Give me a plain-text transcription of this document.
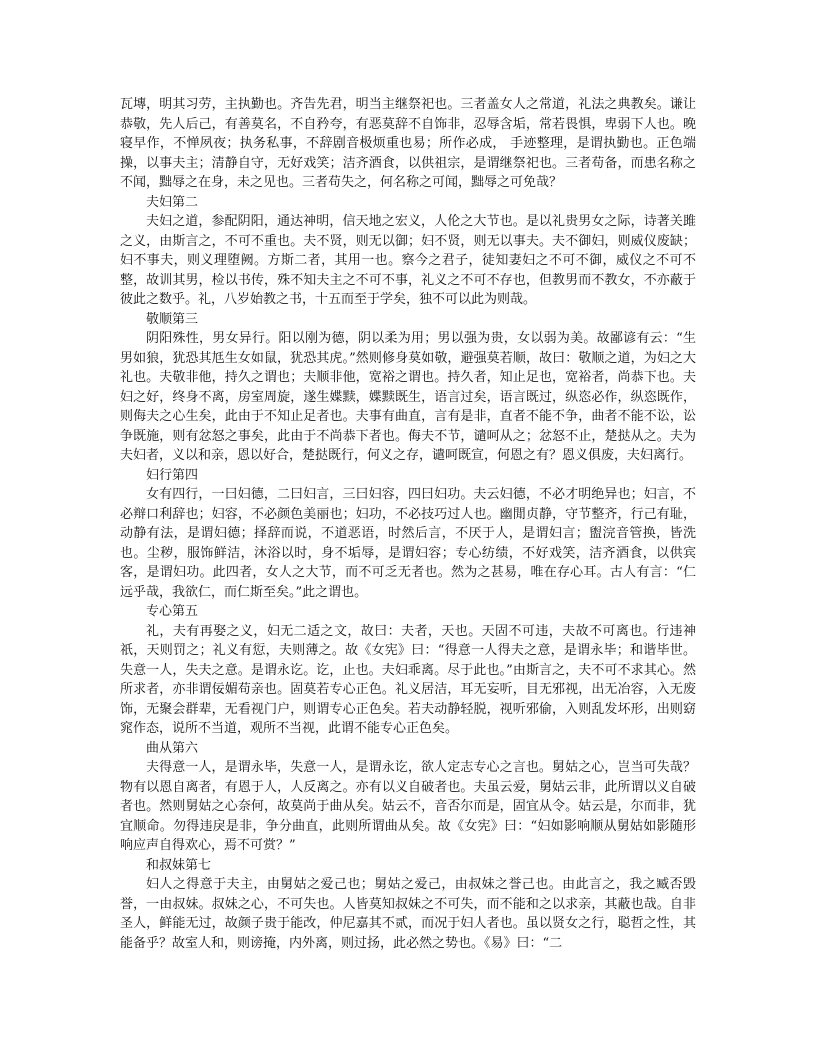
瓦塼，明其习劳，主执勤也。齐告先君，明当主继祭祀也。三者盖女人之常道，礼法之典教矣。谦让恭敬，先人后己，有善莫名，不自矜夸，有恶莫辞不自饰非，忍辱含垢，常若畏惧，卑弱下人也。晚寝早作，不惮夙夜；执务私事，不辞剧音极烦重也易；所作必成， 手迹整理，是谓执勤也。正色端操，以事夫主；清静自守，无好戏笑；洁齐酒食，以供祖宗，是谓继祭祀也。三者苟备，而患名称之不闻，黜辱之在身，未之见也。三者苟失之，何名称之可闻，黜辱之可免哉？

夫妇第二

夫妇之道，参配阴阳，通达神明，信天地之宏义，人伦之大节也。是以礼贵男女之际，诗著关雎之义，由斯言之，不可不重也。夫不贤，则无以御；妇不贤，则无以事夫。夫不御妇，则威仪废缺；妇不事夫，则义理堕阙。方斯二者，其用一也。察今之君子，徒知妻妇之不可不御，威仪之不可不整，故训其男，检以书传，殊不知夫主之不可不事，礼义之不可不存也，但教男而不教女，不亦蔽于彼此之数乎。礼，八岁始教之书，十五而至于学矣，独不可以此为则哉。

敬顺第三

阴阳殊性，男女异行。阳以刚为德，阴以柔为用；男以强为贵，女以弱为美。故鄙谚有云：“生男如狼，犹恐其尪生女如鼠，犹恐其虎。”然则修身莫如敬，避强莫若顺，故曰：敬顺之道，为妇之大礼也。夫敬非他，持久之谓也；夫顺非他，宽裕之谓也。持久者，知止足也，宽裕者，尚恭下也。夫妇之好，终身不离，房室周旋，遂生媟黩，媟黩既生，语言过矣，语言既过，纵恣必作，纵恣既作，则侮夫之心生矣，此由于不知止足者也。夫事有曲直，言有是非，直者不能不争，曲者不能不讼，讼争既施，则有忿怒之事矣，此由于不尚恭下者也。侮夫不节，谴呵从之；忿怒不止，楚挞从之。夫为夫妇者，义以和亲，恩以好合，楚挞既行，何义之存，谴呵既宣，何恩之有？恩义俱废，夫妇离行。

妇行第四

女有四行，一曰妇德，二曰妇言，三曰妇容，四曰妇功。夫云妇德，不必才明绝异也；妇言，不必辩口利辞也；妇容，不必颜色美丽也；妇功，不必技巧过人也。幽閒贞静，守节整齐，行己有耻，动静有法，是谓妇德；择辞而说，不道恶语，时然后言，不厌于人，是谓妇言；盥浣音管换，皆洗也。尘秽，服饰鲜洁，沐浴以时，身不垢辱，是谓妇容；专心纺绩，不好戏笑，洁齐酒食，以供宾客，是谓妇功。此四者，女人之大节，而不可乏无者也。然为之甚易，唯在存心耳。古人有言：“仁远乎哉，我欲仁，而仁斯至矣。”此之谓也。

专心第五

礼，夫有再娶之义，妇无二适之文，故曰：夫者，天也。天固不可违，夫故不可离也。行违神祇，天则罚之；礼义有愆，夫则薄之。故《女宪》曰：“得意一人得夫之意，是谓永毕；和谐毕世。失意一人，失夫之意。是谓永讫。讫，止也。夫妇乖离。尽于此也。”由斯言之，夫不可不求其心。然所求者，亦非谓佞媚苟亲也。固莫若专心正色。礼义居洁，耳无妄听，目无邪视，出无冶容，入无废饰，无聚会群辈，无看视门户，则谓专心正色矣。若夫动静轻脱，视听邪偷，入则乱发坏形，出则窈窕作态，说所不当道，观所不当视，此谓不能专心正色矣。

曲从第六

夫得意一人，是谓永毕，失意一人，是谓永讫，欲人定志专心之言也。舅姑之心，岂当可失哉？物有以恩自离者，有恩于人，人反离之。亦有以义自破者也。夫虽云爱，舅姑云非，此所谓以义自破者也。然则舅姑之心奈何，故莫尚于曲从矣。姑云不，音否尔而是，固宜从令。姑云是，尔而非，犹宜顺命。勿得违戾是非，争分曲直，此则所谓曲从矣。故《女宪》曰：“妇如影响顺从舅姑如影随形响应声自得欢心，焉不可赏？”

和叔妹第七

妇人之得意于夫主，由舅姑之爱己也；舅姑之爱己，由叔妹之誉己也。由此言之，我之臧否毁誉，一由叔妹。叔妹之心，不可失也。人皆莫知叔妹之不可失，而不能和之以求亲，其蔽也哉。自非圣人，鲜能无过，故颜子贵于能改，仲尼嘉其不贰，而况于妇人者也。虽以贤女之行，聪哲之性，其能备乎？故室人和，则谤掩，内外离，则过扬，此必然之势也。《易》曰：“二
